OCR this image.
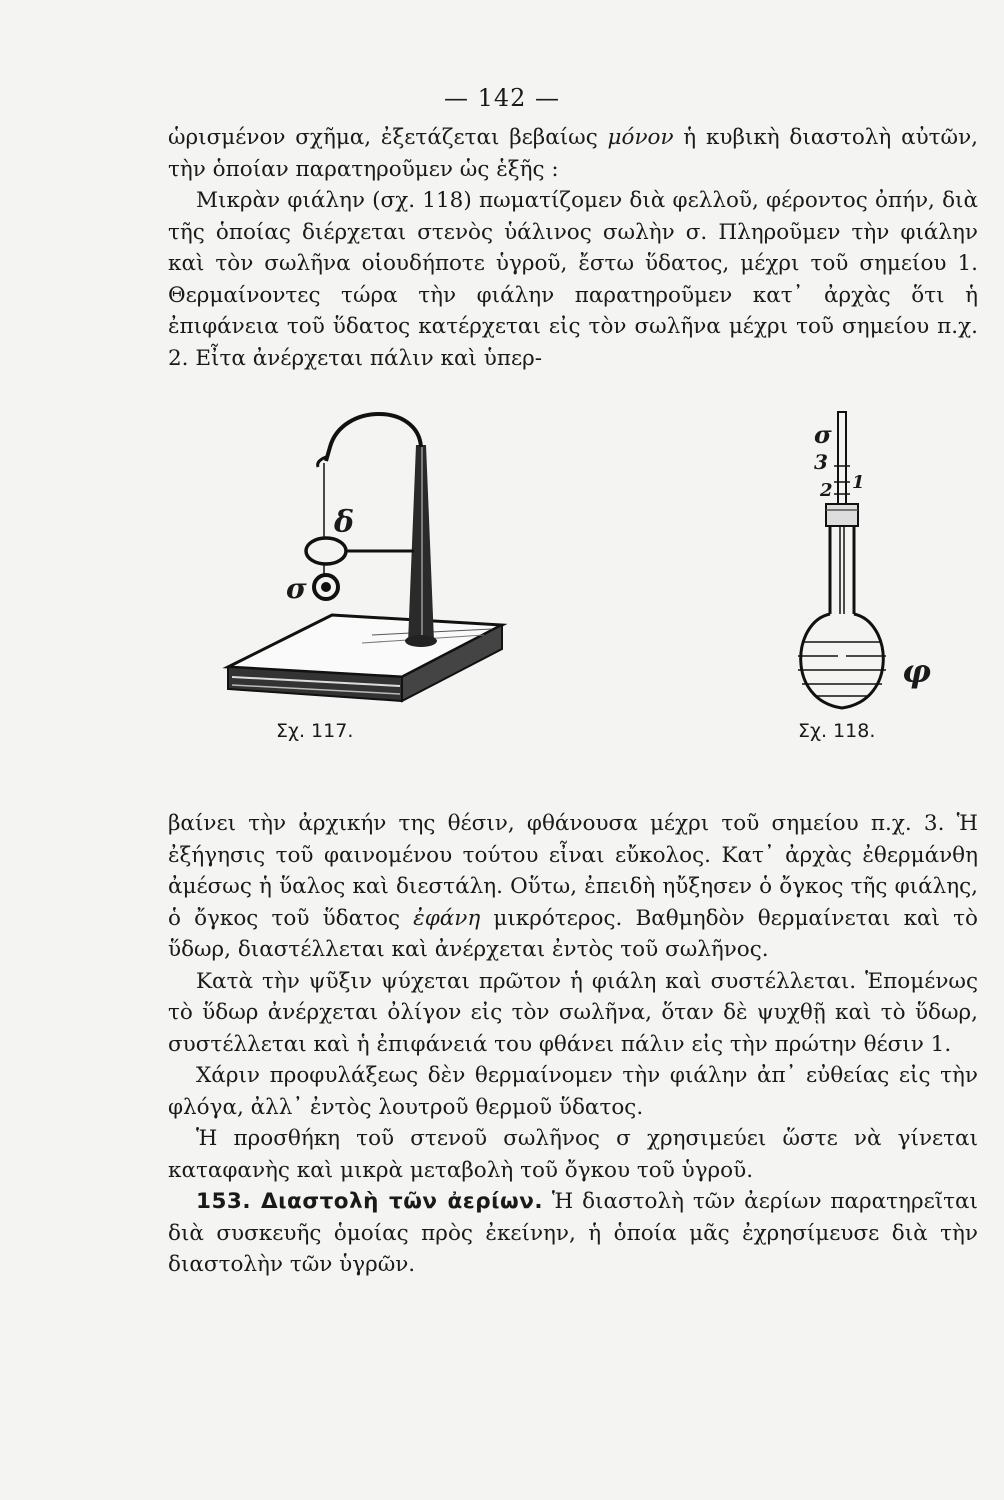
— 142 —

ὡρισμένον σχῆμα, ἐξετάζεται βεβαίως μόνον ἡ κυβικὴ διαστολὴ αὐτῶν, τὴν ὁποίαν παρατηροῦμεν ὡς ἑξῆς :

Μικρὰν φιάλην (σχ. 118) πωματίζομεν διὰ φελλοῦ, φέροντος ὀπήν, διὰ τῆς ὁποίας διέρχεται στενὸς ὑάλινος σωλὴν σ. Πληροῦμεν τὴν φιάλην καὶ τὸν σωλῆνα οἱουδήποτε ὑγροῦ, ἔστω ὕδατος, μέχρι τοῦ σημείου 1. Θερμαίνοντες τώρα τὴν φιάλην παρατηροῦμεν κατ᾽ ἀρχὰς ὅτι ἡ ἐπιφάνεια τοῦ ὕδατος κατέρχεται εἰς τὸν σωλῆνα μέχρι τοῦ σημείου π.χ. 2. Εἶτα ἀνέρχεται πάλιν καὶ ὑπερ-

δ
σ
Σχ. 117.
σ
3
2 1
φ
Σχ. 118.

βαίνει τὴν ἀρχικήν της θέσιν, φθάνουσα μέχρι τοῦ σημείου π.χ. 3. Ἡ ἐξήγησις τοῦ φαινομένου τούτου εἶναι εὔκολος. Κατ᾽ ἀρχὰς ἐθερμάνθη ἀμέσως ἡ ὕαλος καὶ διεστάλη. Οὕτω, ἐπειδὴ ηὔξησεν ὁ ὄγκος τῆς φιάλης, ὁ ὄγκος τοῦ ὕδατος ἐφάνη μικρότερος. Βαθμηδὸν θερμαίνεται καὶ τὸ ὕδωρ, διαστέλλεται καὶ ἀνέρχεται ἐντὸς τοῦ σωλῆνος.

Κατὰ τὴν ψῦξιν ψύχεται πρῶτον ἡ φιάλη καὶ συστέλλεται. Ἑπομένως τὸ ὕδωρ ἀνέρχεται ὀλίγον εἰς τὸν σωλῆνα, ὅταν δὲ ψυχθῇ καὶ τὸ ὕδωρ, συστέλλεται καὶ ἡ ἐπιφάνειά του φθάνει πάλιν εἰς τὴν πρώτην θέσιν 1.

Χάριν προφυλάξεως δὲν θερμαίνομεν τὴν φιάλην ἀπ᾽ εὐθείας εἰς τὴν φλόγα, ἀλλ᾽ ἐντὸς λουτροῦ θερμοῦ ὕδατος.

Ἡ προσθήκη τοῦ στενοῦ σωλῆνος σ χρησιμεύει ὥστε νὰ γίνεται καταφανὴς καὶ μικρὰ μεταβολὴ τοῦ ὄγκου τοῦ ὑγροῦ.

153. Διαστολὴ τῶν ἀερίων. Ἡ διαστολὴ τῶν ἀερίων παρατηρεῖται διὰ συσκευῆς ὁμοίας πρὸς ἐκείνην, ἡ ὁποία μᾶς ἐχρησίμευσε διὰ τὴν διαστολὴν τῶν ὑγρῶν.
